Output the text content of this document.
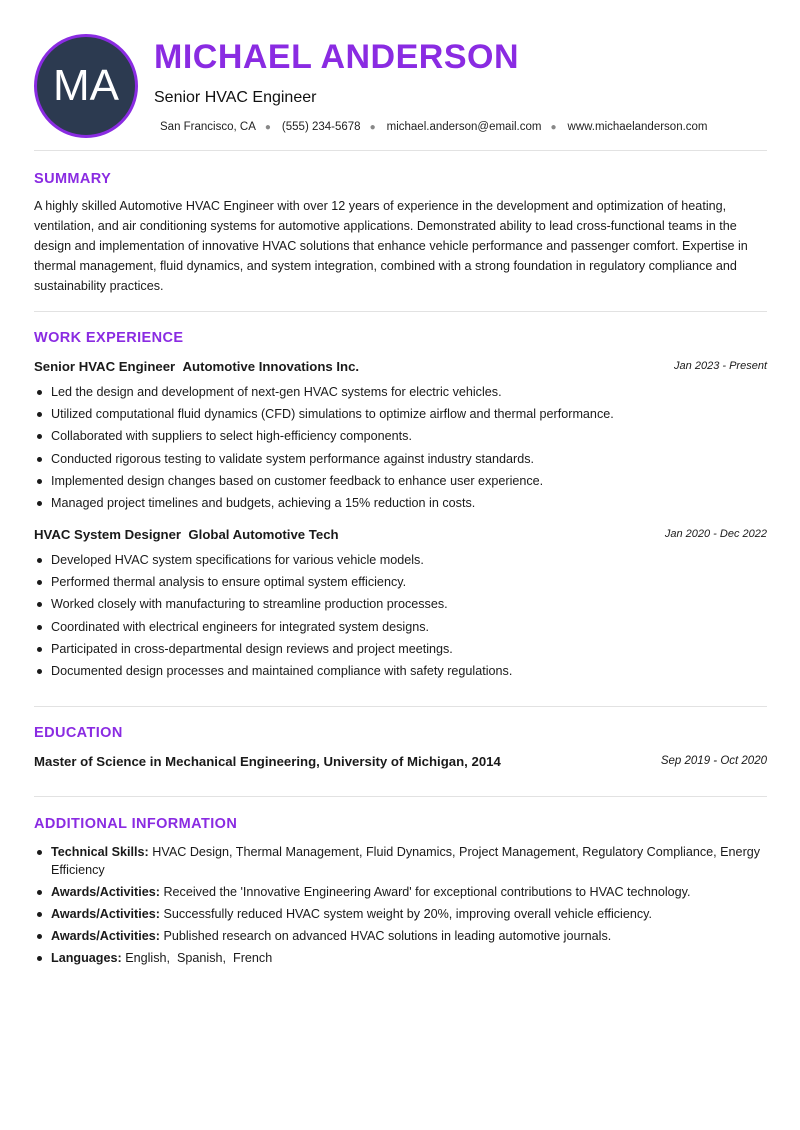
MA
MICHAEL ANDERSON
Senior HVAC Engineer
San Francisco, CA ● (555) 234-5678 ● michael.anderson@email.com ● www.michaelanderson.com
SUMMARY
A highly skilled Automotive HVAC Engineer with over 12 years of experience in the development and optimization of heating, ventilation, and air conditioning systems for automotive applications. Demonstrated ability to lead cross-functional teams in the design and implementation of innovative HVAC solutions that enhance vehicle performance and passenger comfort. Expertise in thermal management, fluid dynamics, and system integration, combined with a strong foundation in regulatory compliance and sustainability practices.
WORK EXPERIENCE
Senior HVAC Engineer Automotive Innovations Inc.	Jan 2023 - Present
Led the design and development of next-gen HVAC systems for electric vehicles.
Utilized computational fluid dynamics (CFD) simulations to optimize airflow and thermal performance.
Collaborated with suppliers to select high-efficiency components.
Conducted rigorous testing to validate system performance against industry standards.
Implemented design changes based on customer feedback to enhance user experience.
Managed project timelines and budgets, achieving a 15% reduction in costs.
HVAC System Designer Global Automotive Tech	Jan 2020 - Dec 2022
Developed HVAC system specifications for various vehicle models.
Performed thermal analysis to ensure optimal system efficiency.
Worked closely with manufacturing to streamline production processes.
Coordinated with electrical engineers for integrated system designs.
Participated in cross-departmental design reviews and project meetings.
Documented design processes and maintained compliance with safety regulations.
EDUCATION
Master of Science in Mechanical Engineering, University of Michigan, 2014	Sep 2019 - Oct 2020
ADDITIONAL INFORMATION
Technical Skills: HVAC Design, Thermal Management, Fluid Dynamics, Project Management, Regulatory Compliance, Energy Efficiency
Awards/Activities: Received the 'Innovative Engineering Award' for exceptional contributions to HVAC technology.
Awards/Activities: Successfully reduced HVAC system weight by 20%, improving overall vehicle efficiency.
Awards/Activities: Published research on advanced HVAC solutions in leading automotive journals.
Languages: English,  Spanish,  French
